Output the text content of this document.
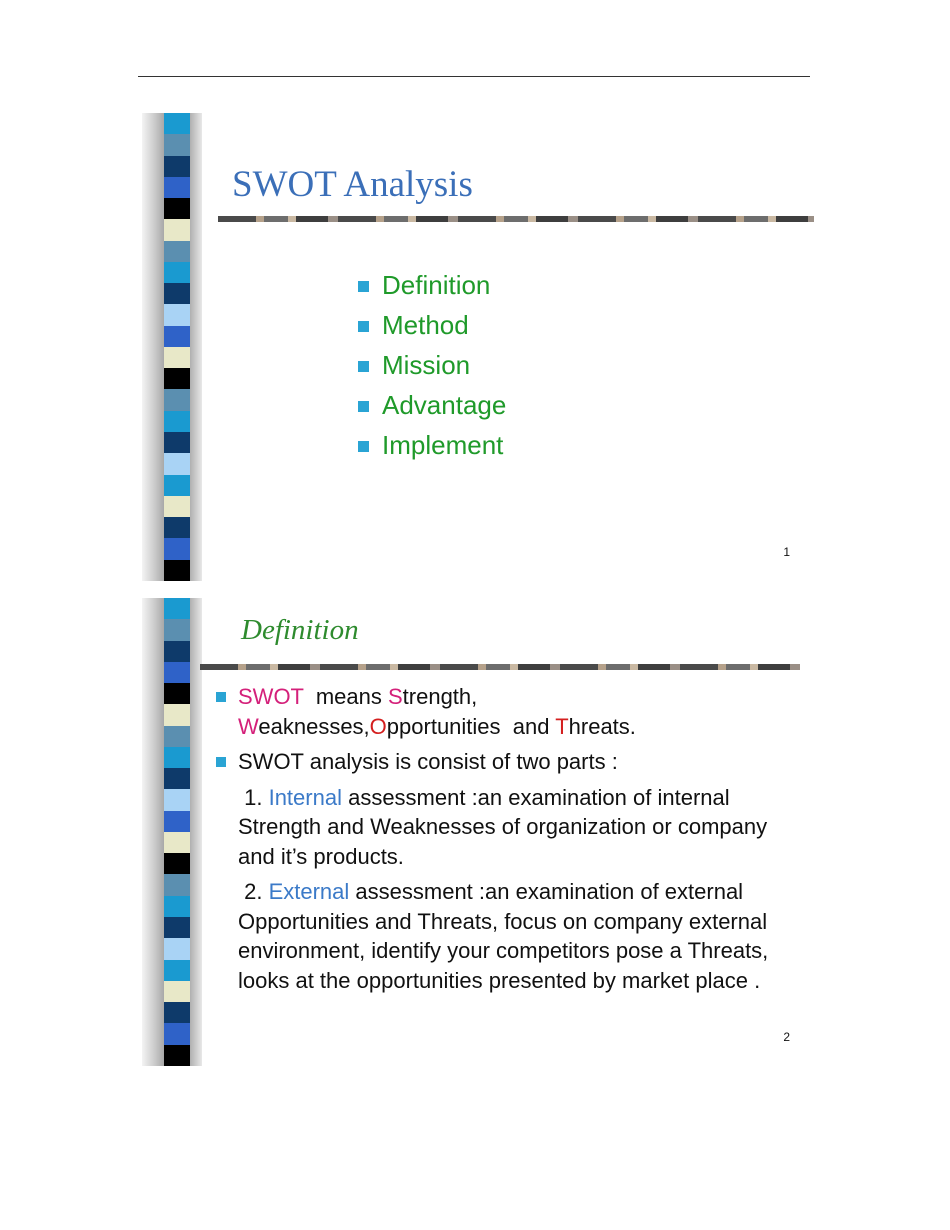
SWOT Analysis
Definition
Method
Mission
Advantage
Implement
1
Definition
SWOT  means Strength,
Weaknesses,Opportunities  and Threats.
SWOT analysis is consist of two parts :
1. Internal assessment :an examination of internal Strength and Weaknesses of organization or company and it’s products.
2. External assessment :an examination of external Opportunities and Threats, focus on company external environment, identify your competitors pose a Threats, looks at the opportunities presented by market place .
2
